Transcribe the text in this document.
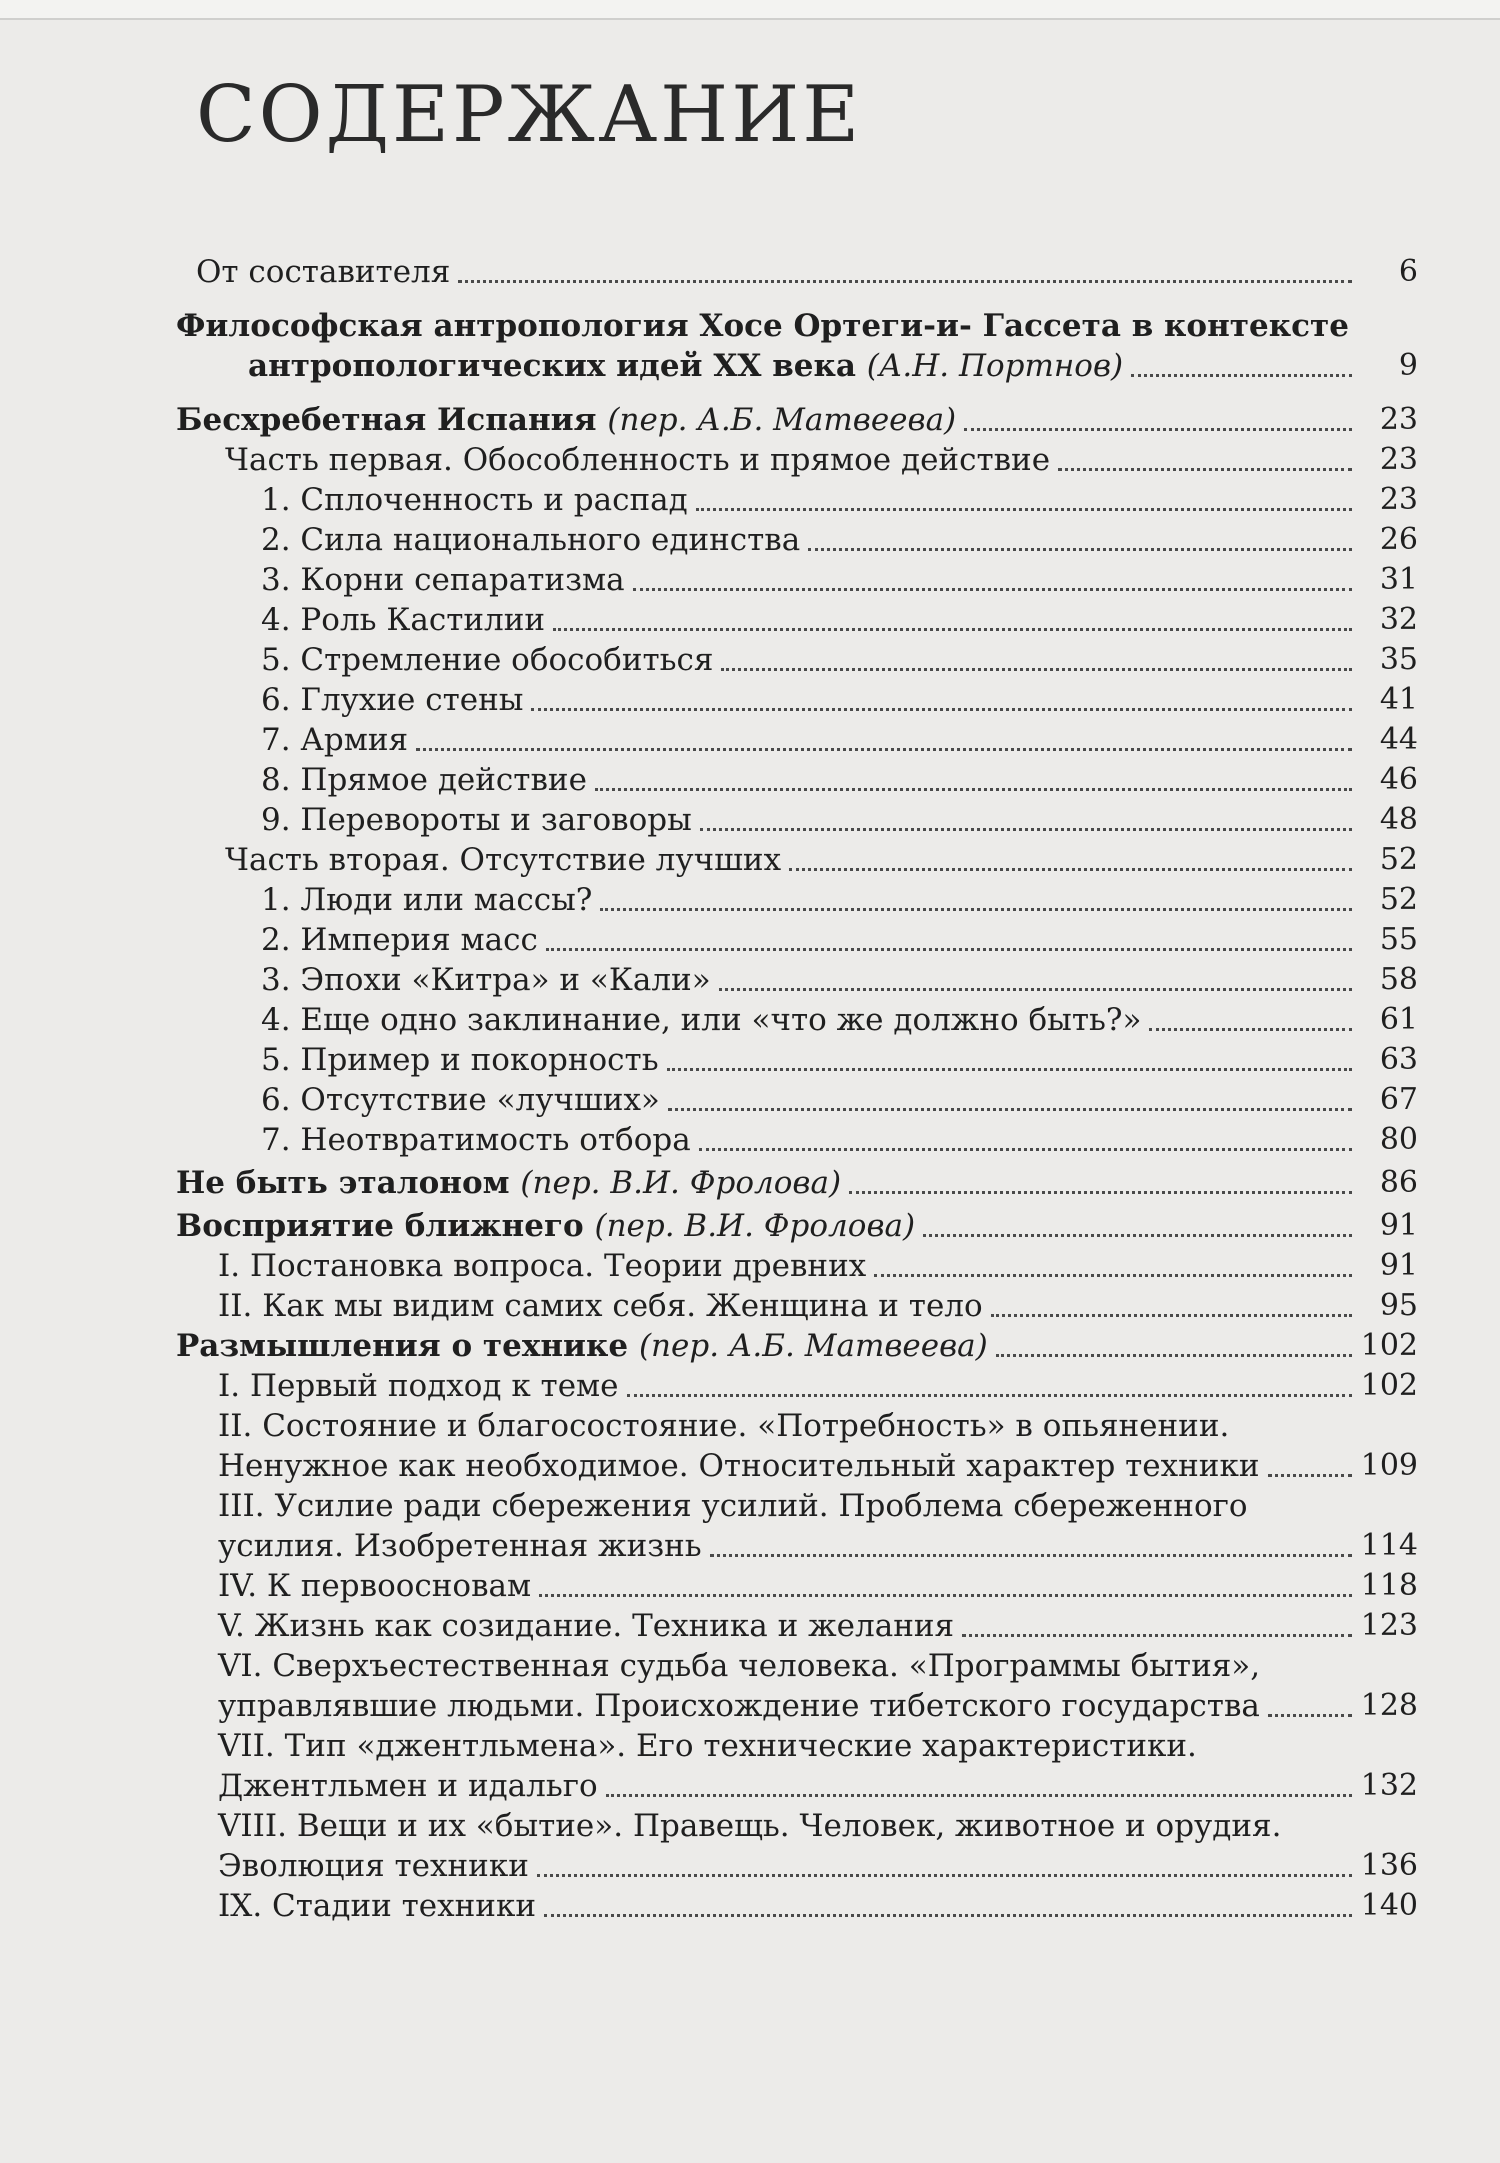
СОДЕРЖАНИЕ
От составителя	6
Философская антропология Хосе Ортеги-и- Гассета в контексте
антропологических идей XX века (А.Н. Портнов)	9
Бесхребетная Испания (пер. А.Б. Матвеева)	23
Часть первая. Обособленность и прямое действие	23
1. Сплоченность и распад	23
2. Сила национального единства	26
3. Корни сепаратизма	31
4. Роль Кастилии	32
5. Стремление обособиться	35
6. Глухие стены	41
7. Армия	44
8. Прямое действие	46
9. Перевороты и заговоры	48
Часть вторая. Отсутствие лучших	52
1. Люди или массы?	52
2. Империя масс	55
3. Эпохи «Китра» и «Кали»	58
4. Еще одно заклинание, или «что же должно быть?»	61
5. Пример и покорность	63
6. Отсутствие «лучших»	67
7. Неотвратимость отбора	80
Не быть эталоном (пер. В.И. Фролова)	86
Восприятие ближнего (пер. В.И. Фролова)	91
I. Постановка вопроса. Теории древних	91
II. Как мы видим самих себя. Женщина и тело	95
Размышления о технике (пер. А.Б. Матвеева)	102
I. Первый подход к теме	102
II. Состояние и благосостояние. «Потребность» в опьянении.
Ненужное как необходимое. Относительный характер техники	109
III. Усилие ради сбережения усилий. Проблема сбереженного
усилия. Изобретенная жизнь	114
IV. К первоосновам	118
V. Жизнь как созидание. Техника и желания	123
VI. Сверхъестественная судьба человека. «Программы бытия»,
управлявшие людьми. Происхождение тибетского государства	128
VII. Тип «джентльмена». Его технические характеристики.
Джентльмен и идальго	132
VIII. Вещи и их «бытие». Правещь. Человек, животное и орудия.
Эволюция техники	136
IX. Стадии техники	140
